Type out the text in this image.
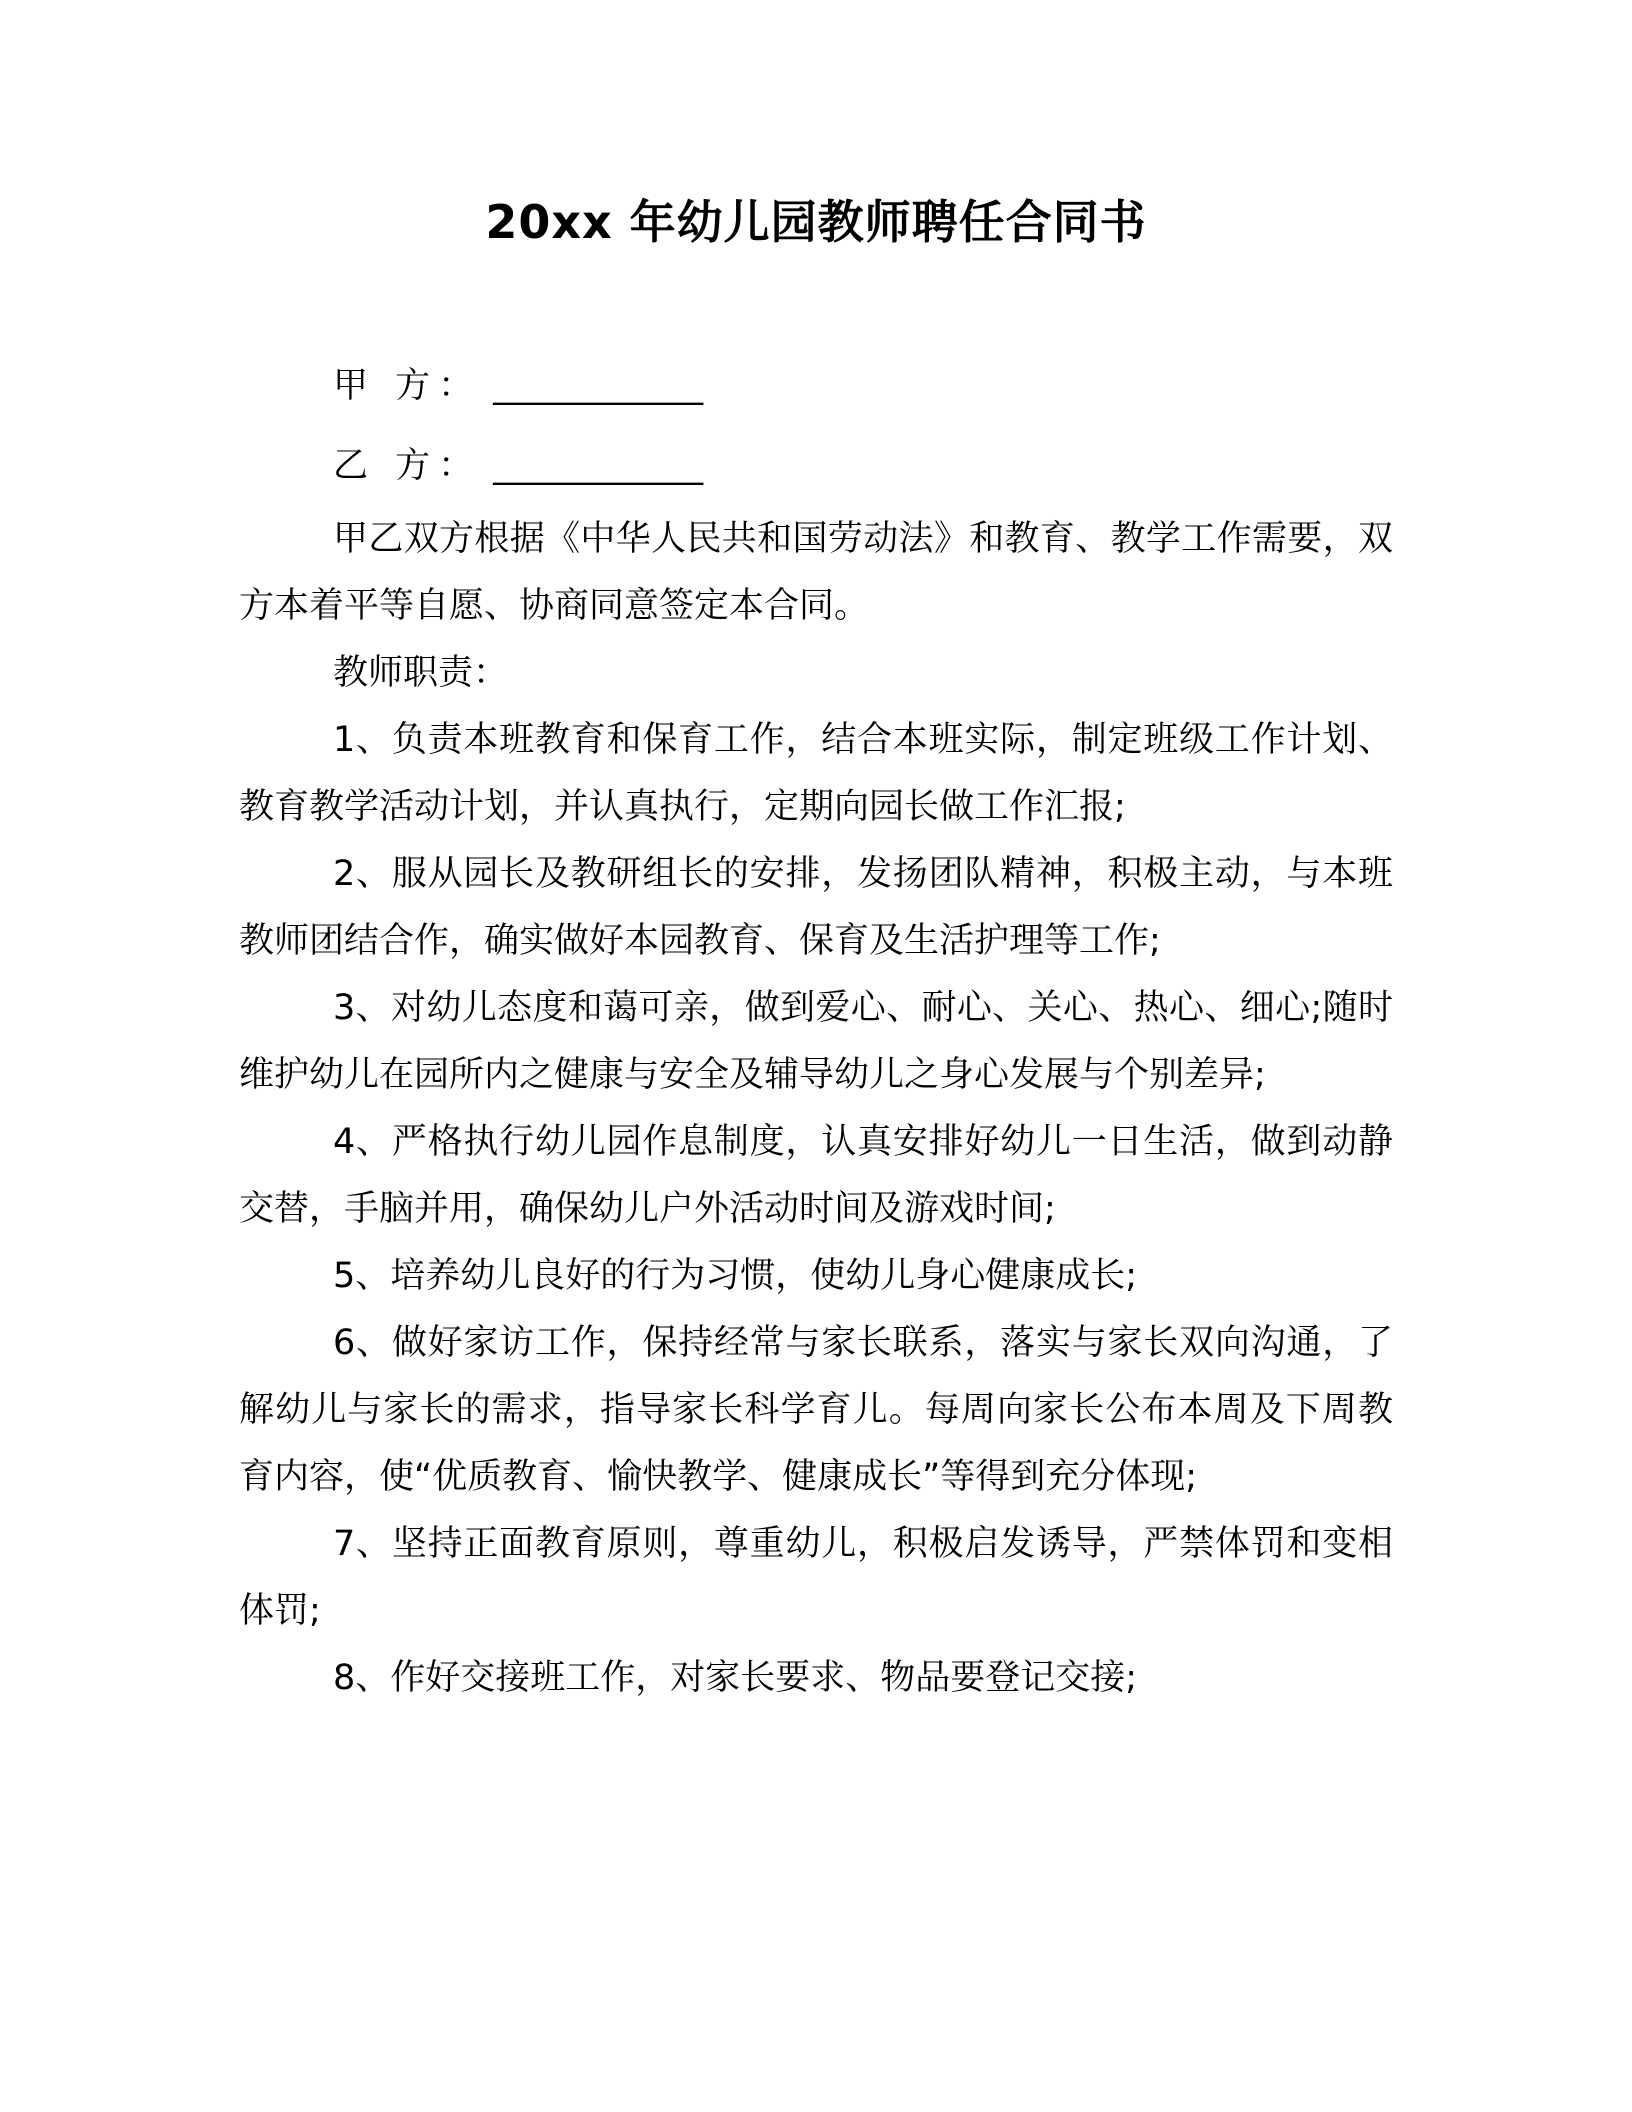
20xx 年幼儿园教师聘任合同书
甲 方： ____________
乙 方： ____________

甲乙双方根据《中华人民共和国劳动法》和教育、教学工作需要，双方本着平等自愿、协商同意签定本合同。

教师职责：

1、负责本班教育和保育工作，结合本班实际，制定班级工作计划、教育教学活动计划，并认真执行，定期向园长做工作汇报;

2、服从园长及教研组长的安排，发扬团队精神，积极主动，与本班教师团结合作，确实做好本园教育、保育及生活护理等工作;

3、对幼儿态度和蔼可亲，做到爱心、耐心、关心、热心、细心;随时维护幼儿在园所内之健康与安全及辅导幼儿之身心发展与个别差异;

4、严格执行幼儿园作息制度，认真安排好幼儿一日生活，做到动静交替，手脑并用，确保幼儿户外活动时间及游戏时间;

5、培养幼儿良好的行为习惯，使幼儿身心健康成长;

6、做好家访工作，保持经常与家长联系，落实与家长双向沟通，了解幼儿与家长的需求，指导家长科学育儿。每周向家长公布本周及下周教育内容，使“优质教育、愉快教学、健康成长”等得到充分体现;

7、坚持正面教育原则，尊重幼儿，积极启发诱导，严禁体罚和变相体罚;

8、作好交接班工作，对家长要求、物品要登记交接;
